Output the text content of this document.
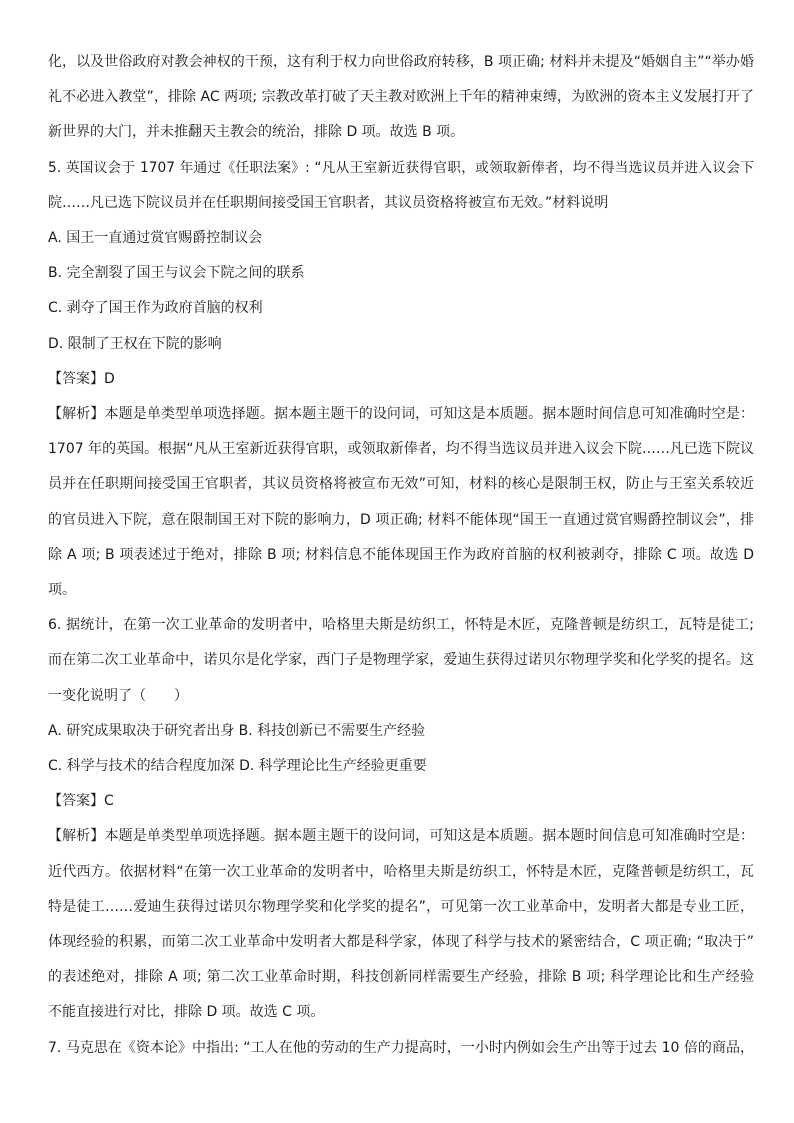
化，以及世俗政府对教会神权的干预，这有利于权力向世俗政府转移，B 项正确; 材料并未提及“婚姻自主”“举办婚
礼不必进入教堂”，排除 AC 两项; 宗教改革打破了天主教对欧洲上千年的精神束缚，为欧洲的资本主义发展打开了
新世界的大门，并未推翻天主教会的统治，排除 D 项。故选 B 项。
5. 英国议会于 1707 年通过《任职法案》: “凡从王室新近获得官职，或领取新俸者，均不得当选议员并进入议会下
院……凡已选下院议员并在任职期间接受国王官职者，其议员资格将被宣布无效。”材料说明
A. 国王一直通过赏官赐爵控制议会
B. 完全割裂了国王与议会下院之间的联系
C. 剥夺了国王作为政府首脑的权利
D. 限制了王权在下院的影响
【答案】D
【解析】本题是单类型单项选择题。据本题主题干的设问词，可知这是本质题。据本题时间信息可知准确时空是：
1707 年的英国。根据“凡从王室新近获得官职，或领取新俸者，均不得当选议员并进入议会下院……凡已选下院议
员并在任职期间接受国王官职者，其议员资格将被宣布无效”可知，材料的核心是限制王权，防止与王室关系较近
的官员进入下院，意在限制国王对下院的影响力，D 项正确; 材料不能体现“国王一直通过赏官赐爵控制议会”，排
除 A 项; B 项表述过于绝对，排除 B 项; 材料信息不能体现国王作为政府首脑的权利被剥夺，排除 C 项。故选 D
项。
6. 据统计，在第一次工业革命的发明者中，哈格里夫斯是纺织工，怀特是木匠，克隆普顿是纺织工，瓦特是徒工;
而在第二次工业革命中，诺贝尔是化学家，西门子是物理学家，爱迪生获得过诺贝尔物理学奖和化学奖的提名。这
一变化说明了（　　）
A. 研究成果取决于研究者出身 B. 科技创新已不需要生产经验
C. 科学与技术的结合程度加深 D. 科学理论比生产经验更重要
【答案】C
【解析】本题是单类型单项选择题。据本题主题干的设问词，可知这是本质题。据本题时间信息可知准确时空是：
近代西方。依据材料“在第一次工业革命的发明者中，哈格里夫斯是纺织工，怀特是木匠，克隆普顿是纺织工，瓦
特是徒工……爱迪生获得过诺贝尔物理学奖和化学奖的提名”，可见第一次工业革命中，发明者大都是专业工匠，
体现经验的积累，而第二次工业革命中发明者大都是科学家，体现了科学与技术的紧密结合，C 项正确; “取决于”
的表述绝对，排除 A 项; 第二次工业革命时期，科技创新同样需要生产经验，排除 B 项; 科学理论比和生产经验
不能直接进行对比，排除 D 项。故选 C 项。
7. 马克思在《资本论》中指出: “工人在他的劳动的生产力提高时，一小时内例如会生产出等于过去 10 倍的商品，
